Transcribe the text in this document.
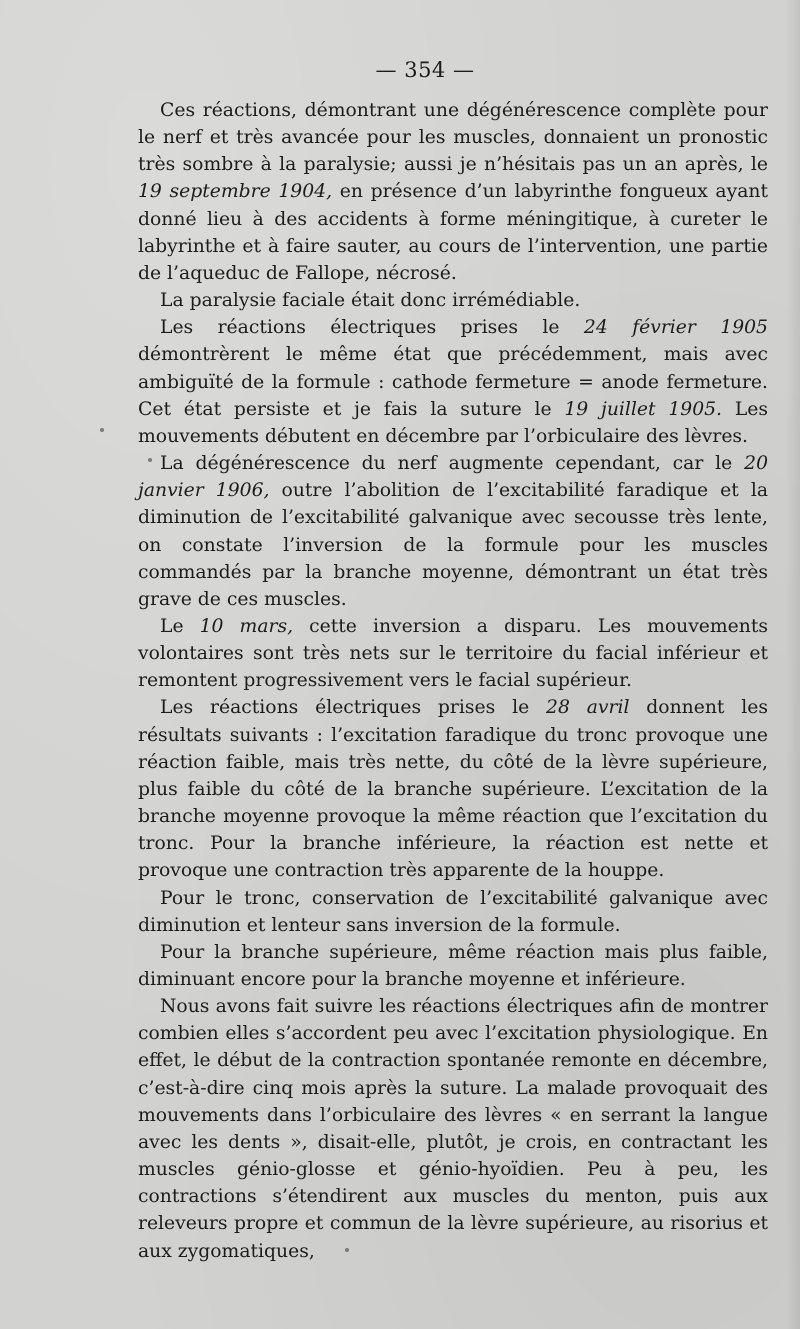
— 354 —

Ces réactions, démontrant une dégénérescence complète pour le nerf et très avancée pour les muscles, donnaient un pronostic très sombre à la paralysie; aussi je n’hésitais pas un an après, le 19 septembre 1904, en présence d’un labyrinthe fongueux ayant donné lieu à des accidents à forme méningitique, à cureter le labyrinthe et à faire sauter, au cours de l’intervention, une partie de l’aqueduc de Fallope, nécrosé.

La paralysie faciale était donc irrémédiable.

Les réactions électriques prises le 24 février 1905 démontrèrent le même état que précédemment, mais avec ambiguïté de la formule : cathode fermeture = anode fermeture. Cet état persiste et je fais la suture le 19 juillet 1905. Les mouvements débutent en décembre par l’orbiculaire des lèvres.

La dégénérescence du nerf augmente cependant, car le 20 janvier 1906, outre l’abolition de l’excitabilité faradique et la diminution de l’excitabilité galvanique avec secousse très lente, on constate l’inversion de la formule pour les muscles commandés par la branche moyenne, démontrant un état très grave de ces muscles.

Le 10 mars, cette inversion a disparu. Les mouvements volontaires sont très nets sur le territoire du facial inférieur et remontent progressivement vers le facial supérieur.

Les réactions électriques prises le 28 avril donnent les résultats suivants : l’excitation faradique du tronc provoque une réaction faible, mais très nette, du côté de la lèvre supérieure, plus faible du côté de la branche supérieure. L’excitation de la branche moyenne provoque la même réaction que l’excitation du tronc. Pour la branche inférieure, la réaction est nette et provoque une contraction très apparente de la houppe.

Pour le tronc, conservation de l’excitabilité galvanique avec diminution et lenteur sans inversion de la formule.

Pour la branche supérieure, même réaction mais plus faible, diminuant encore pour la branche moyenne et inférieure.

Nous avons fait suivre les réactions électriques afin de montrer combien elles s’accordent peu avec l’excitation physiologique. En effet, le début de la contraction spontanée remonte en décembre, c’est-à-dire cinq mois après la suture. La malade provoquait des mouvements dans l’orbiculaire des lèvres « en serrant la langue avec les dents », disait-elle, plutôt, je crois, en contractant les muscles génio-glosse et génio-hyoïdien. Peu à peu, les contractions s’étendirent aux muscles du menton, puis aux releveurs propre et commun de la lèvre supérieure, au risorius et aux zygomatiques,
